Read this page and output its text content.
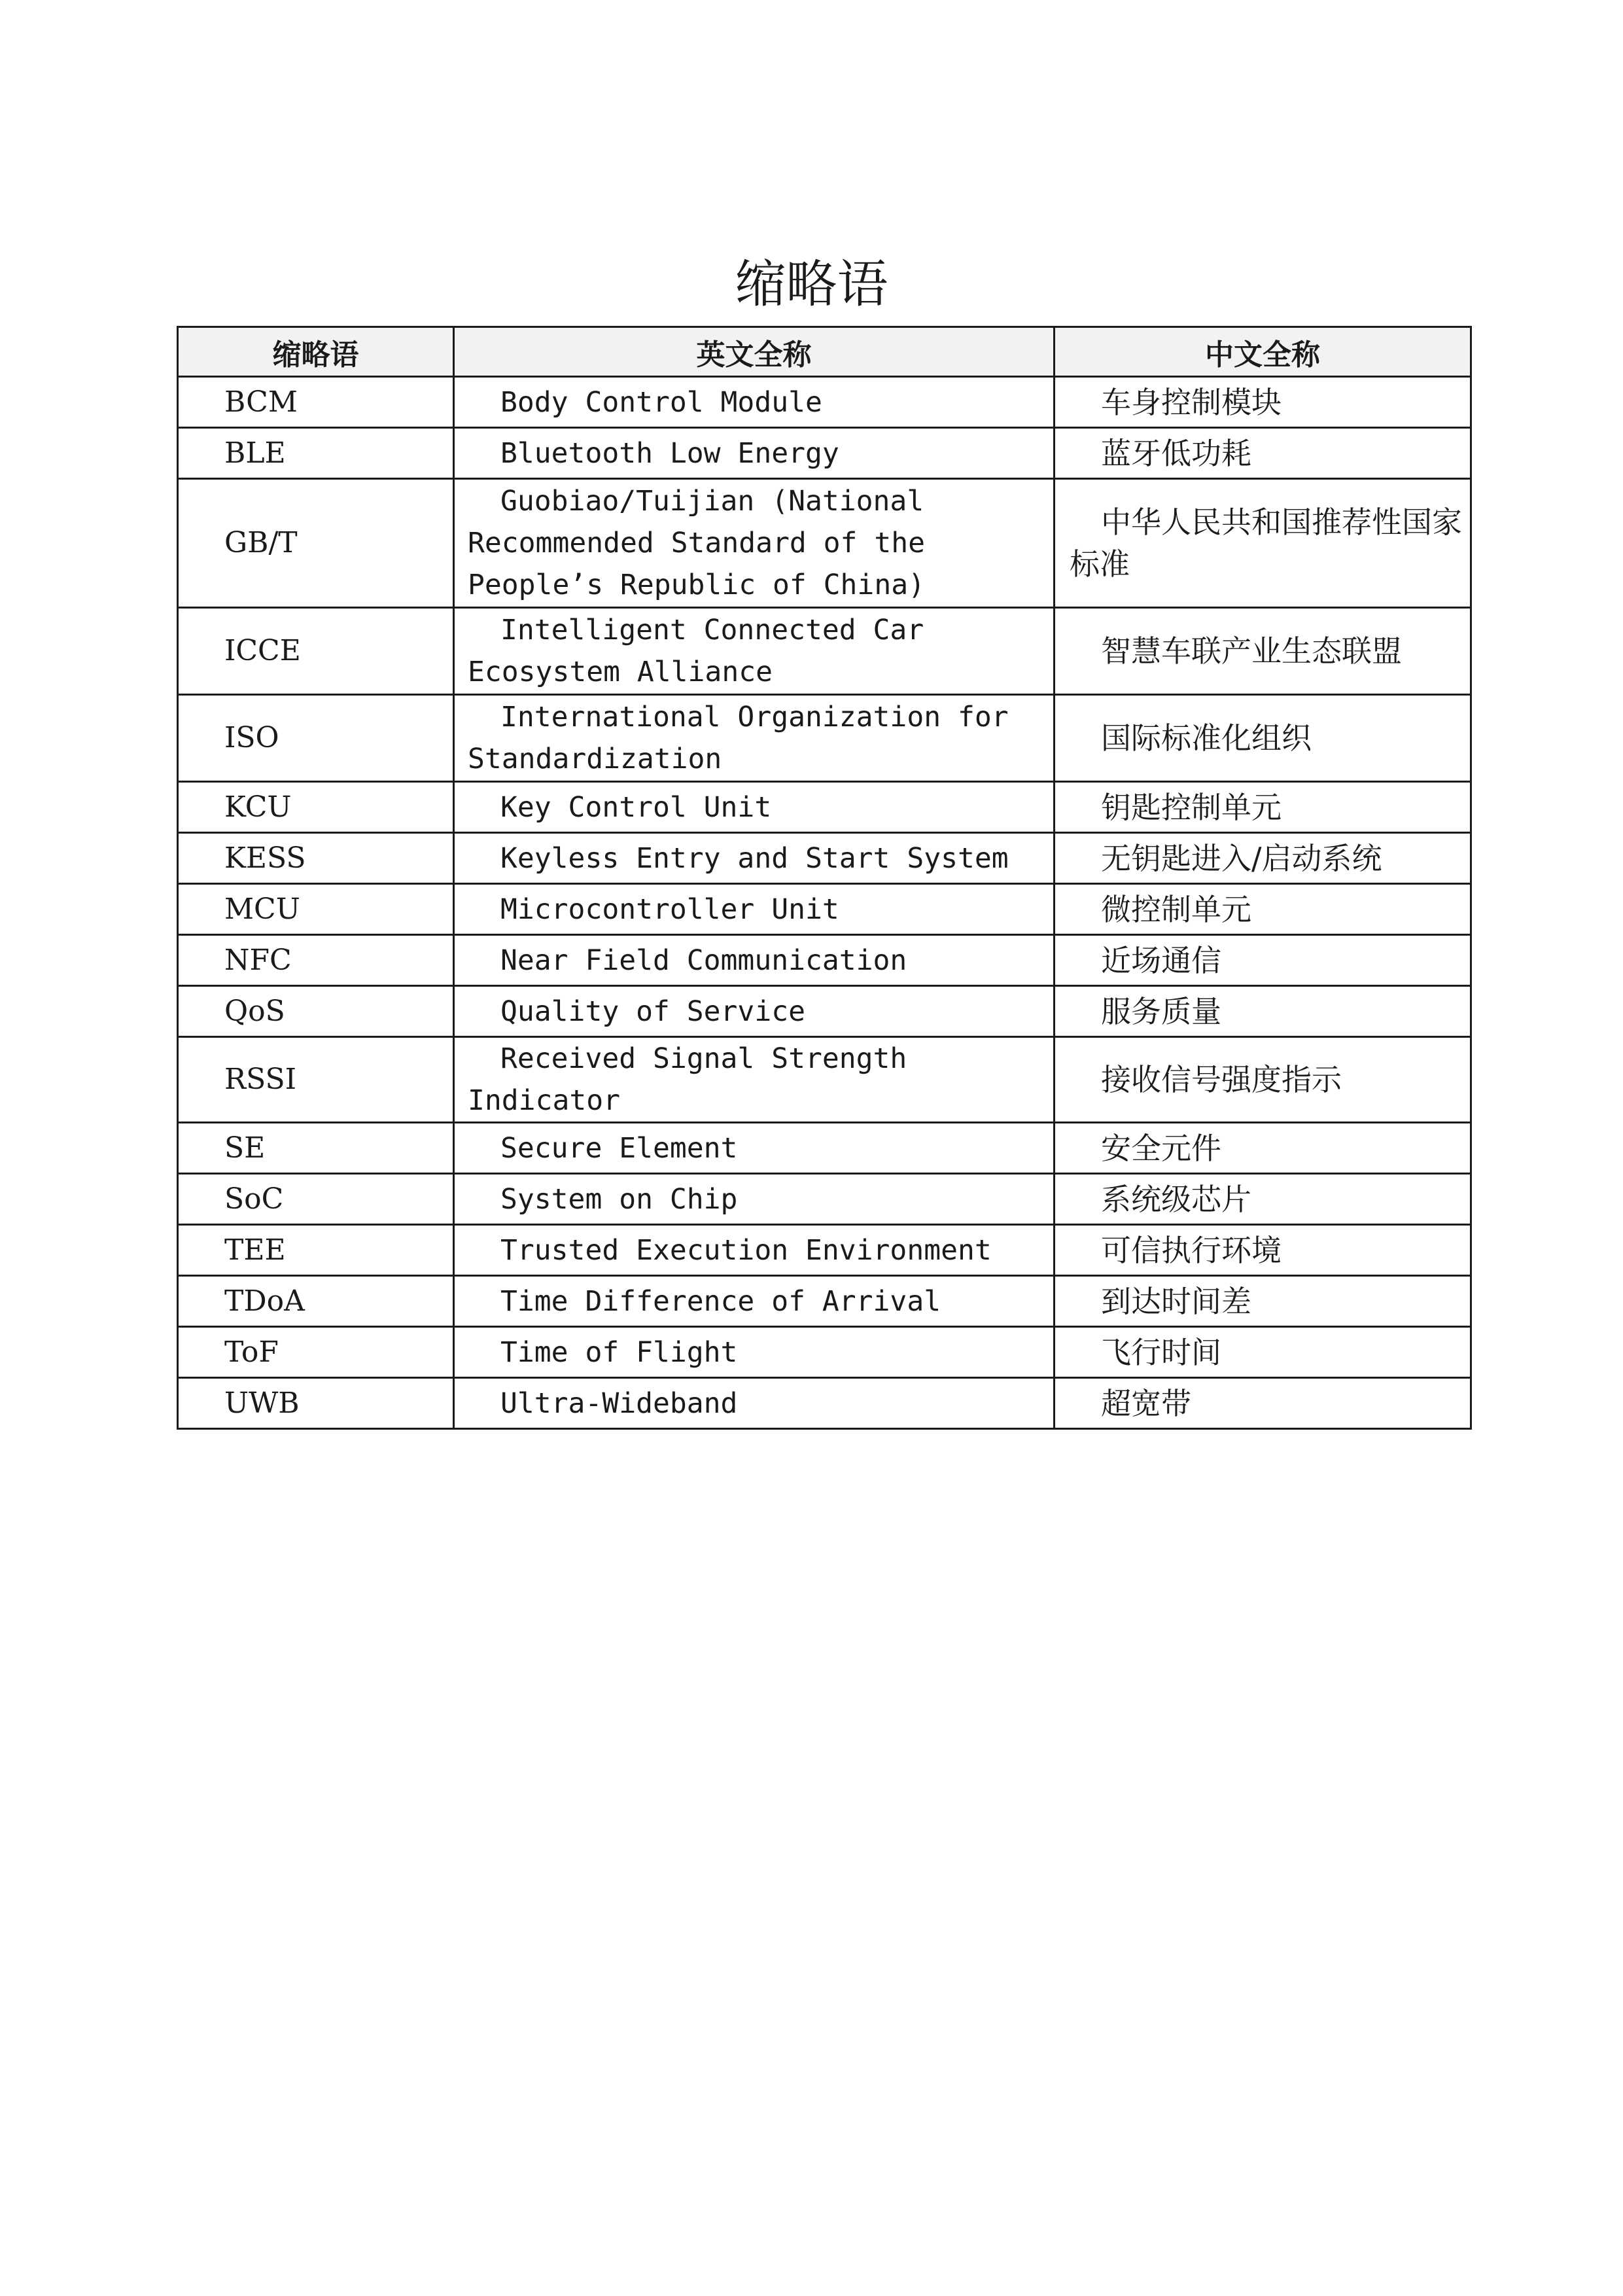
缩略语
缩略语	英文全称	中文全称
BCM	Body Control Module	车身控制模块
BLE	Bluetooth Low Energy	蓝牙低功耗
GB/T	Guobiao/Tuijian (National Recommended Standard of the People’s Republic of China)	中华人民共和国推荐性国家标准
ICCE	Intelligent Connected Car Ecosystem Alliance	智慧车联产业生态联盟
ISO	International Organization for Standardization	国际标准化组织
KCU	Key Control Unit	钥匙控制单元
KESS	Keyless Entry and Start System	无钥匙进入/启动系统
MCU	Microcontroller Unit	微控制单元
NFC	Near Field Communication	近场通信
QoS	Quality of Service	服务质量
RSSI	Received Signal Strength Indicator	接收信号强度指示
SE	Secure Element	安全元件
SoC	System on Chip	系统级芯片
TEE	Trusted Execution Environment	可信执行环境
TDoA	Time Difference of Arrival	到达时间差
ToF	Time of Flight	飞行时间
UWB	Ultra-Wideband	超宽带
